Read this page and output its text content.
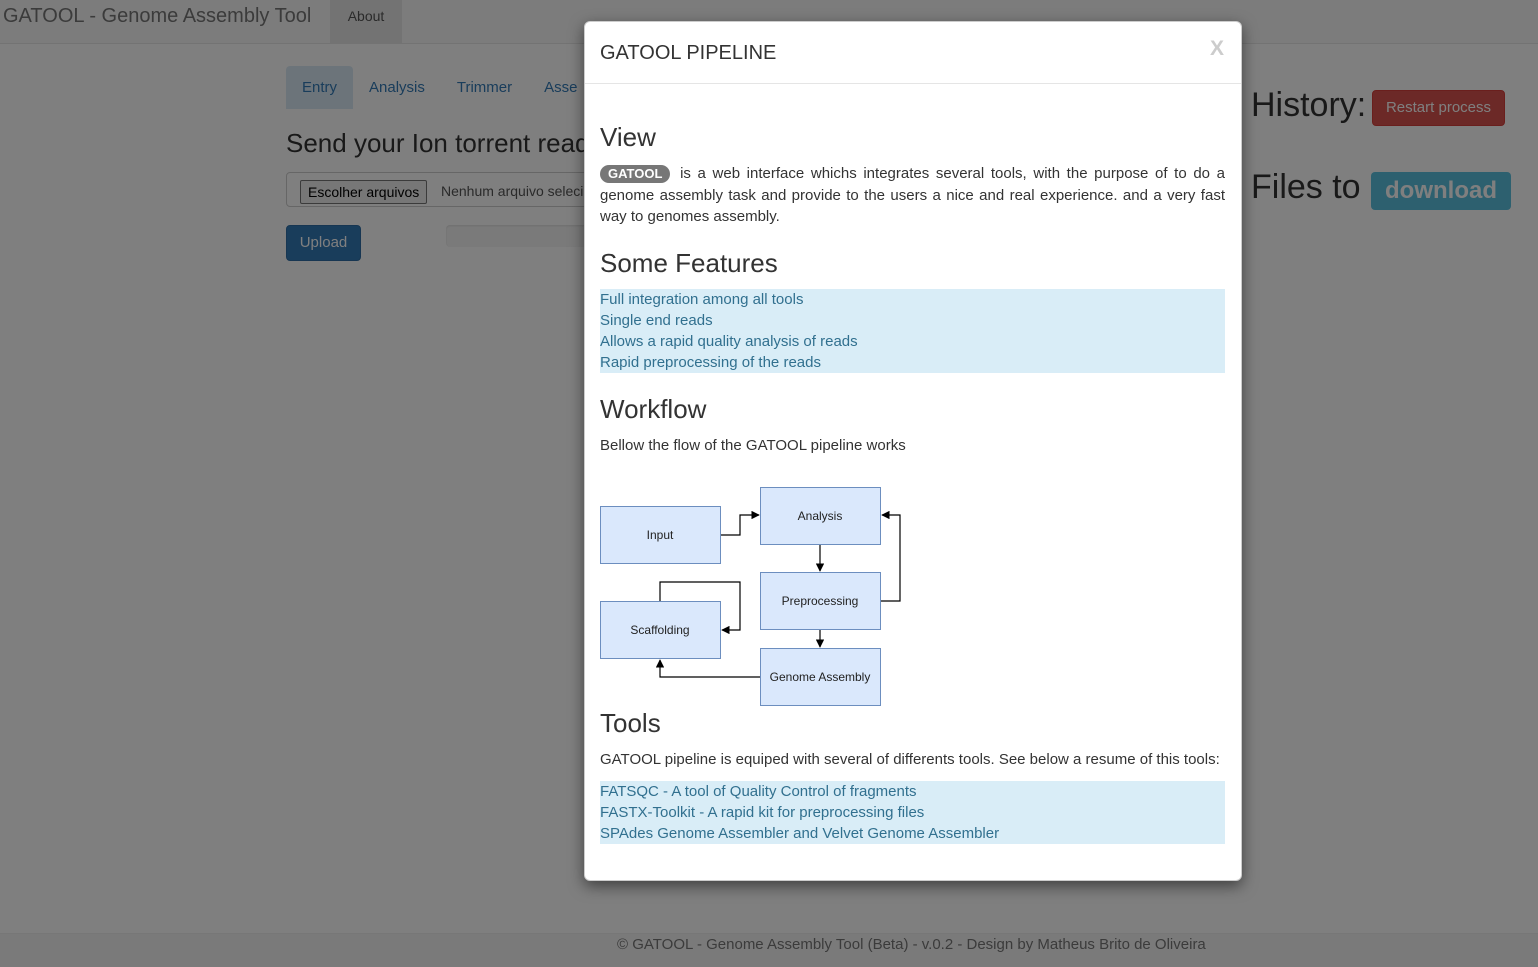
GATOOL PIPELINE	X
View

GATOOL is a web interface whichs integrates several tools, with the purpose of to do a genome assembly task and provide to the users a nice and real experience. and a very fast way to genomes assembly.

Some Features
Full integration among all tools
Single end reads
Allows a rapid quality analysis of reads
Rapid preprocessing of the reads
Workflow
Bellow the flow of the GATOOL pipeline works
Input
Analysis
Preprocessing
Scaffolding
Genome Assembly
Tools
GATOOL pipeline is equiped with several of differents tools. See below a resume of this tools:
FATSQC - A tool of Quality Control of fragments
FASTX-Toolkit - A rapid kit for preprocessing files
SPAdes Genome Assembler and Velvet Genome Assembler
